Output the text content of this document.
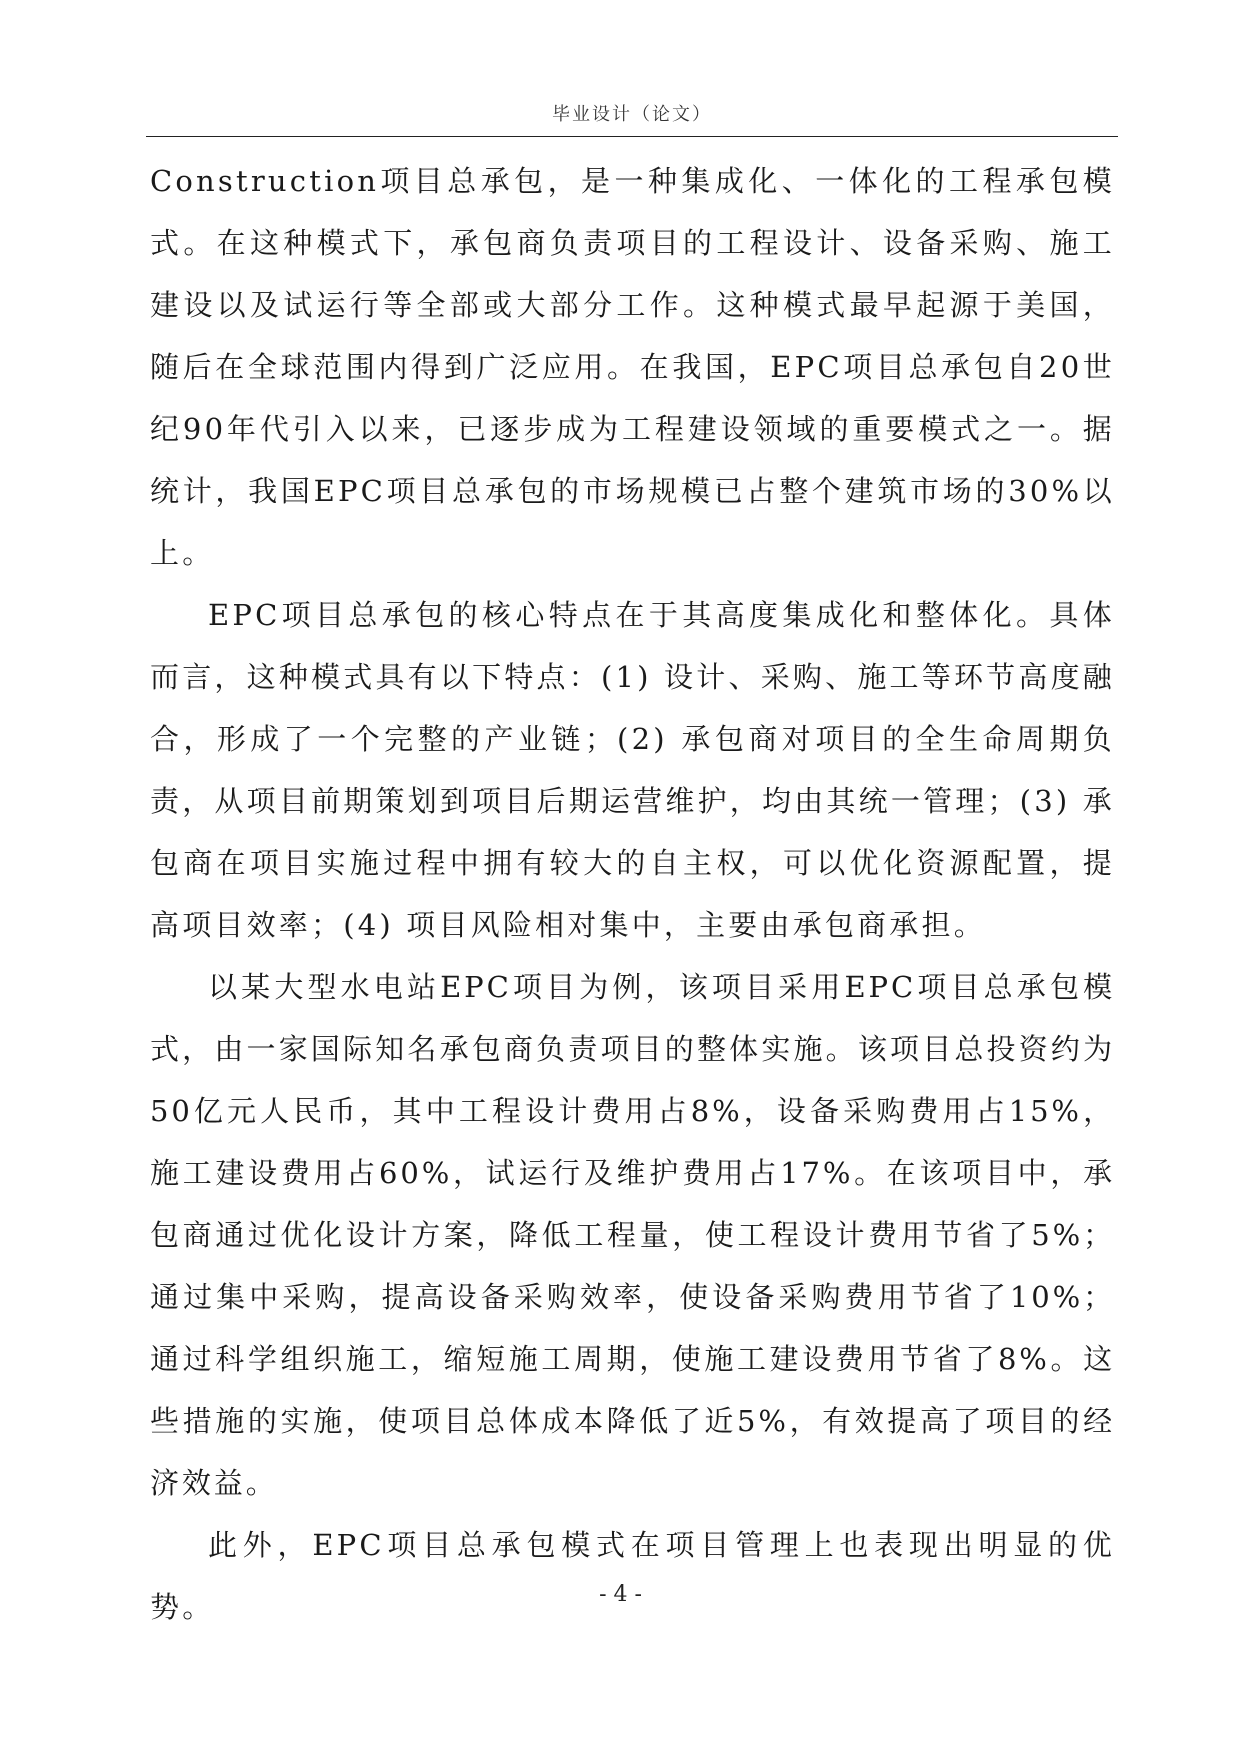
毕业设计（论文）

Construction项目总承包，是一种集成化、一体化的工程承包模式。在这种模式下，承包商负责项目的工程设计、设备采购、施工建设以及试运行等全部或大部分工作。这种模式最早起源于美国，随后在全球范围内得到广泛应用。在我国，EPC项目总承包自20世纪90年代引入以来，已逐步成为工程建设领域的重要模式之一。据统计，我国EPC项目总承包的市场规模已占整个建筑市场的30%以上。

EPC项目总承包的核心特点在于其高度集成化和整体化。具体而言，这种模式具有以下特点：(1) 设计、采购、施工等环节高度融合，形成了一个完整的产业链；(2) 承包商对项目的全生命周期负责，从项目前期策划到项目后期运营维护，均由其统一管理；(3) 承包商在项目实施过程中拥有较大的自主权，可以优化资源配置，提高项目效率；(4) 项目风险相对集中，主要由承包商承担。

以某大型水电站EPC项目为例，该项目采用EPC项目总承包模式，由一家国际知名承包商负责项目的整体实施。该项目总投资约为50亿元人民币，其中工程设计费用占8%，设备采购费用占15%，施工建设费用占60%，试运行及维护费用占17%。在该项目中，承包商通过优化设计方案，降低工程量，使工程设计费用节省了5%；通过集中采购，提高设备采购效率，使设备采购费用节省了10%；通过科学组织施工，缩短施工周期，使施工建设费用节省了8%。这些措施的实施，使项目总体成本降低了近5%，有效提高了项目的经济效益。

此外，EPC项目总承包模式在项目管理上也表现出明显的优势。	- 4 -
